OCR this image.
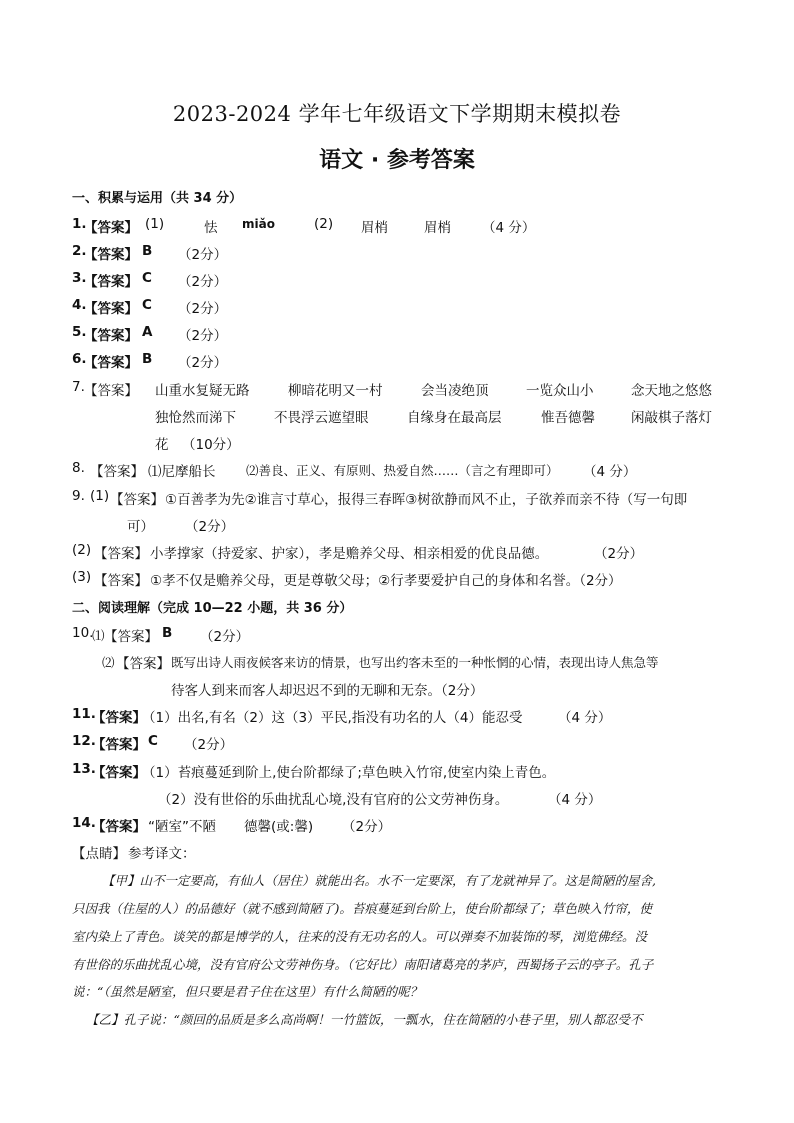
2023-2024 学年七年级语文下学期期末模拟卷
语文 · 参考答案
一、积累与运用（共 34 分）
1.
【答案】 (1)	怯 miǎo	(2) 眉梢	眉梢 （4 分）
2.
【答案】 B （2分）
3.
【答案】 C （2分）
4.
【答案】 C （2分）
5.
【答案】 A （2分）
6.
【答案】 B （2分）
7. 【答案】 山重水复疑无路	柳暗花明又一村	会当凌绝顶	一览众山小	念天地之悠悠
独怆然而涕下	不畏浮云遮望眼	自缘身在最高层	惟吾德馨	闲敲棋子落灯
花 （10分）
8. 【答案】 ⑴尼摩船长 ⑵善良、正义、有原则、热爱自然……（言之有理即可） （4 分）
9. (1) 【答案】 ①百善孝为先②谁言寸草心，报得三春晖③树欲静而风不止，子欲养而亲不待（写一句即
可） （2分）
(2) 【答案】 小孝撑家（持爱家、护家），孝是赡养父母、相亲相爱的优良品德。	（2分）
(3) 【答案】 ①孝不仅是赡养父母，更是尊敬父母；②行孝要爱护自己的身体和名誉。（2分）
二、阅读理解（完成 10—22 小题，共 36 分）
10.
⑴ 【答案】 B （2分）
⑵ 【答案】 既写出诗人雨夜候客来访的情景，也写出约客未至的一种怅惘的心情，表现出诗人焦急等
待客人到来而客人却迟迟不到的无聊和无奈。（2分）
11.
【答案】
（1）出名,有名（2）这（3）平民,指没有功名的人（4）能忍受	（4 分）
12.
【答案】 C （2分）
13.
【答案】
（1）苔痕蔓延到阶上,使台阶都绿了;草色映入竹帘,使室内染上青色。
（2）没有世俗的乐曲扰乱心境,没有官府的公文劳神伤身。	（4 分）
14.
【答案】 “陋室”不陋 德馨(或:馨) （2分）
【点睛】 参考译文：
【甲】山不一定要高，有仙人（居住）就能出名。水不一定要深，有了龙就神异了。这是简陋的屋舍,
只因我（住屋的人）的品德好（就不感到简陋了)。苔痕蔓延到台阶上，使台阶都绿了；草色映入竹帘，使
室内染上了青色。谈笑的都是博学的人，往来的没有无功名的人。可以弹奏不加装饰的琴，浏览佛经。没
有世俗的乐曲扰乱心境，没有官府公文劳神伤身。（它好比）南阳诸葛亮的茅庐，西蜀扬子云的亭子。孔子
说：“（虽然是陋室，但只要是君子住在这里）有什么简陋的呢？
【乙】孔子说：“颜回的品质是多么高尚啊！一竹篮饭，一瓢水，住在简陋的小巷子里，别人都忍受不
